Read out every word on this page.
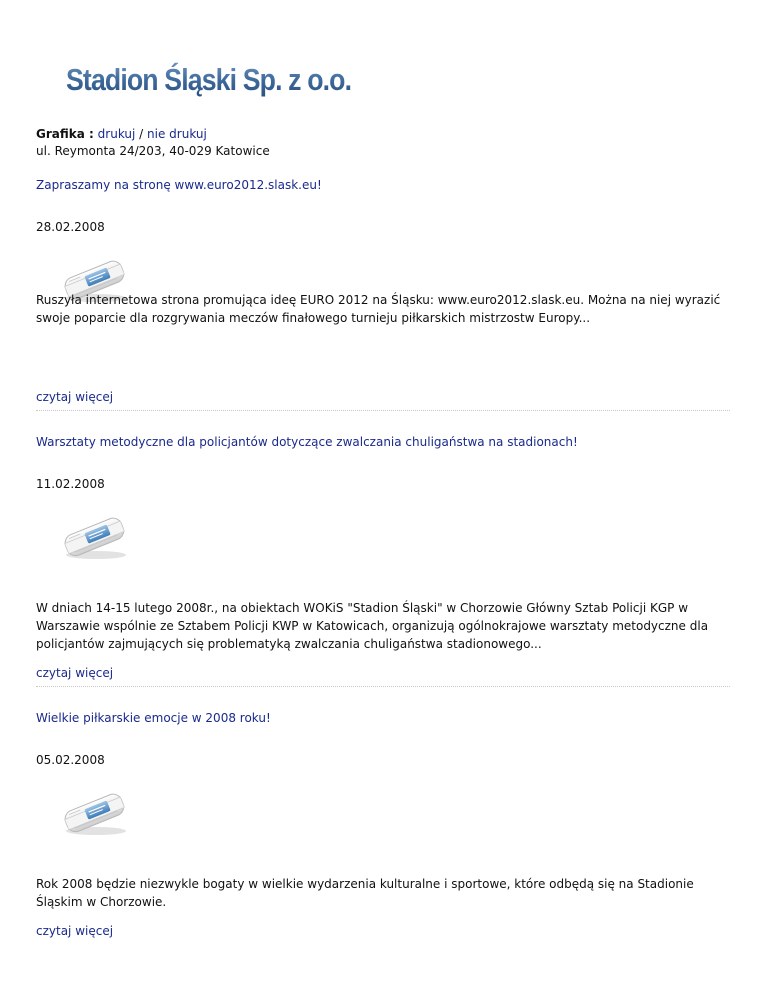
Stadion Śląski Sp. z o.o.
Grafika : drukuj / nie drukuj
ul. Reymonta 24/203, 40-029 Katowice
Zapraszamy na stronę www.euro2012.slask.eu!
28.02.2008
Ruszyła internetowa strona promująca ideę EURO 2012 na Śląsku: www.euro2012.slask.eu. Można na niej wyrazić swoje poparcie dla rozgrywania meczów finałowego turnieju piłkarskich mistrzostw Europy...
czytaj więcej
Warsztaty metodyczne dla policjantów dotyczące zwalczania chuligaństwa na stadionach!
11.02.2008
W dniach 14-15 lutego 2008r., na obiektach WOKiS "Stadion Śląski" w Chorzowie Główny Sztab Policji KGP w Warszawie wspólnie ze Sztabem Policji KWP w Katowicach, organizują ogólnokrajowe warsztaty metodyczne dla policjantów zajmujących się problematyką zwalczania chuligaństwa stadionowego...
czytaj więcej
Wielkie piłkarskie emocje w 2008 roku!
05.02.2008
Rok 2008 będzie niezwykle bogaty w wielkie wydarzenia kulturalne i sportowe, które odbędą się na Stadionie Śląskim w Chorzowie.
czytaj więcej
